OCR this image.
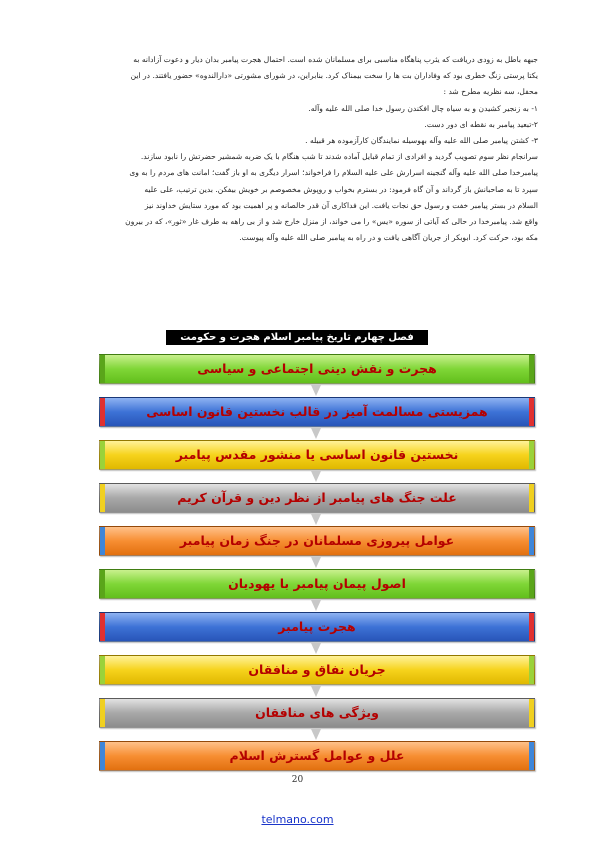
جبهه باطل به زودی دریافت که یثرب پناهگاه مناسبی برای مسلمانان شده است. احتمال هجرت پیامبر بدان دیار و دعوت آزادانه به

یکتا پرستی زنگ خطری بود که وفاداران بت ها را سخت بیمناک کرد. بنابراین، در شورای مشورتی «دارالندوه» حضور یافتند. در این

محفل، سه نظریه مطرح شد :

۱- به زنجیر کشیدن و به سیاه چال افکندن رسول خدا صلی الله علیه وآله.

۲-تبعید پیامبر به نقطه ای دور دست.

۳- کشتن پیامبر صلی الله علیه وآله بهوسیله نمایندگان کارآزموده هر قبیله .

سرانجام نظر سوم تصویب گردید و افرادی از تمام قبایل آماده شدند تا شب هنگام با یک ضربه شمشیر حضرتش را نابود سازند.

پیامبرخدا صلی الله علیه وآله گنجینه اسرارش علی علیه السلام را فراخواند؛ اسرار دیگری به او باز گفت؛ امانت های مردم را به وی

سپرد تا به صاحبانش باز گرداند و آن گاه فرمود: در بسترم بخواب و روپوش مخصوصم بر خویش بیفکن. بدین ترتیب، علی علیه

السلام در بستر پیامبر خفت و رسول حق نجات یافت. این فداکاری آن قدر خالصانه و پر اهمیت بود که مورد ستایش خداوند نیز

واقع شد. پیامبرخدا در حالی که آیاتی از سوره «یس» را می خواند، از منزل خارج شد و از بی راهه به طرف غار «ثور»، که در بیرون

مکه بود، حرکت کرد. ابوبکر از جریان آگاهی یافت و در راه به پیامبر صلی الله علیه وآله پیوست.

فصل چهارم تاریخ پیامبر اسلام هجرت و حکومت
هجرت و نقش دینی اجتماعی و سیاسی
همزیستی مسالمت آمیز در قالب نخستین قانون اساسی
نخستین قانون اساسی یا منشور مقدس پیامبر
علت جنگ های پیامبر از نظر دین و قرآن کریم
عوامل پیروزی مسلمانان در جنگ زمان پیامبر
اصول پیمان پیامبر با یهودیان
هجرت پیامبر
جریان نفاق و منافقان
ویژگی های منافقان
علل و عوامل گسترش اسلام
20
telmano.com
